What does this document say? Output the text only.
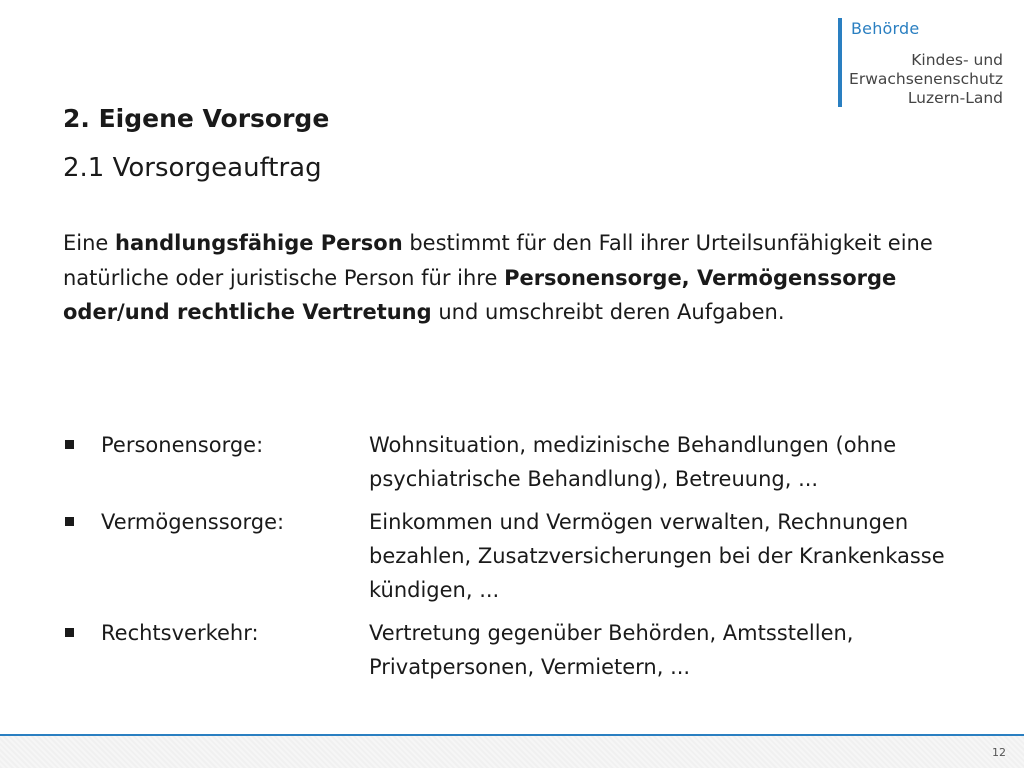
Behörde
Kindes- und
Erwachsenenschutz
Luzern-Land
2. Eigene Vorsorge
2.1 Vorsorgeauftrag
Eine handlungsfähige Person bestimmt für den Fall ihrer Urteilsunfähigkeit eine natürliche oder juristische Person für ihre Personensorge, Vermögenssorge oder/und rechtliche Vertretung und umschreibt deren Aufgaben.
Personensorge:	Wohnsituation, medizinische Behandlungen (ohne psychiatrische Behandlung), Betreuung, ...
Vermögenssorge:	Einkommen und Vermögen verwalten, Rechnungen bezahlen, Zusatzversicherungen bei der Krankenkasse kündigen, ...
Rechtsverkehr:	Vertretung gegenüber Behörden, Amtsstellen, Privatpersonen, Vermietern, ...
12
